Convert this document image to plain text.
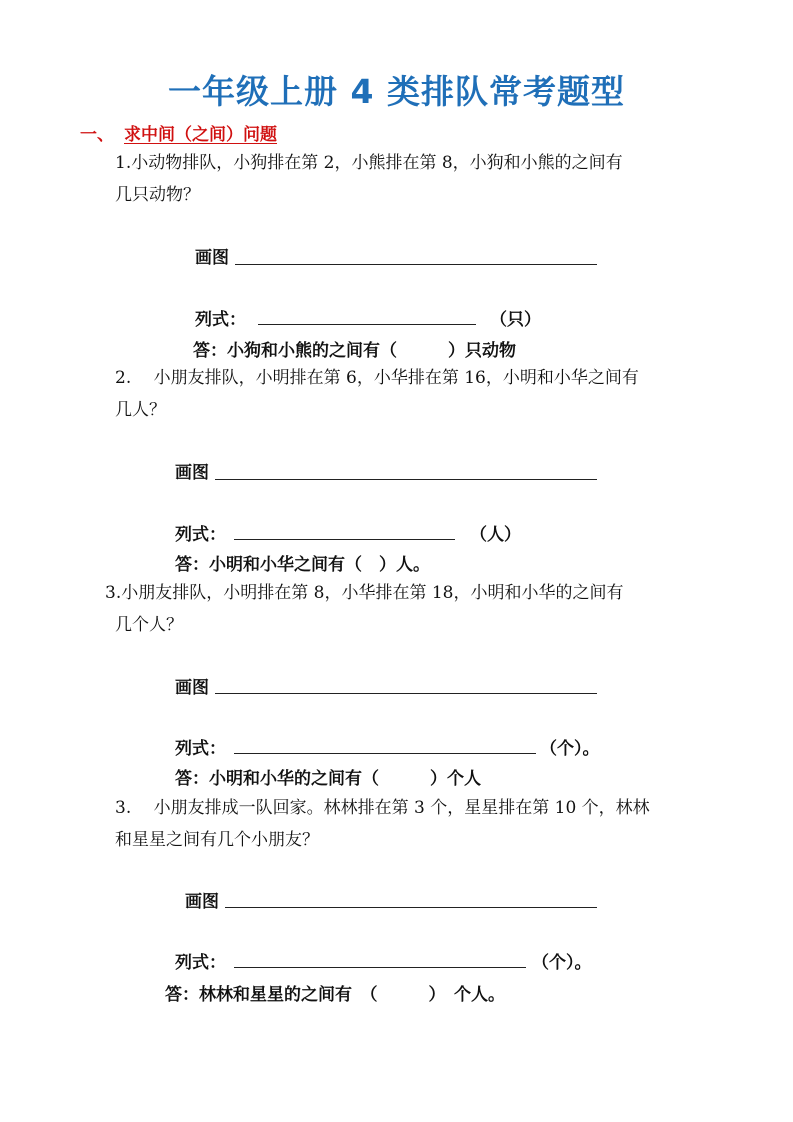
一年级上册 4 类排队常考题型
一、 求中间（之间）问题
1.小动物排队，小狗排在第 2，小熊排在第 8，小狗和小熊的之间有
几只动物？
画图
列式：	（只）
答：小狗和小熊的之间有（　　　）只动物
2.　 小朋友排队，小明排在第 6，小华排在第 16，小明和小华之间有
几人？
画图
列式：	（人）
答：小明和小华之间有（　）人。
3.小朋友排队，小明排在第 8，小华排在第 18，小明和小华的之间有
几个人？
画图
列式：	（个）。
答：小明和小华的之间有（　　　）个人
3.　 小朋友排成一队回家。林林排在第 3 个，星星排在第 10 个，林林
和星星之间有几个小朋友？
画图
列式：	（个）。
答：林林和星星的之间有　（　　　）　个人。
